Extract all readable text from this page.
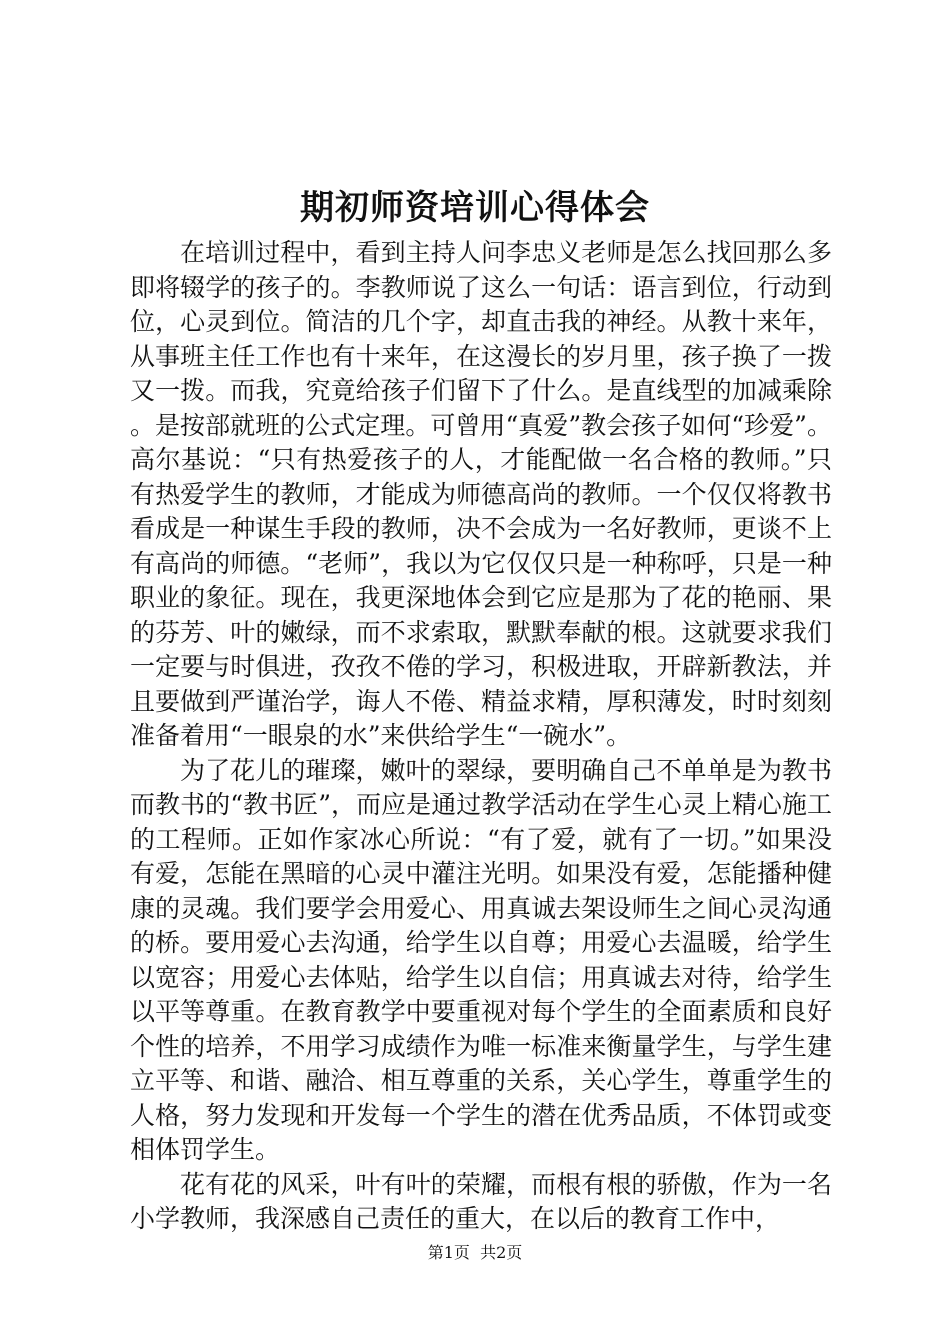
期初师资培训心得体会

在培训过程中，看到主持人问李忠义老师是怎么找回那么多即将辍学的孩子的。李教师说了这么一句话：语言到位，行动到位，心灵到位。简洁的几个字，却直击我的神经。从教十来年，从事班主任工作也有十来年，在这漫长的岁月里，孩子换了一拨又一拨。而我，究竟给孩子们留下了什么。是直线型的加减乘除。是按部就班的公式定理。可曾用“真爱”教会孩子如何“珍爱”。高尔基说：“只有热爱孩子的人，才能配做一名合格的教师。”只有热爱学生的教师，才能成为师德高尚的教师。一个仅仅将教书看成是一种谋生手段的教师，决不会成为一名好教师，更谈不上有高尚的师德。“老师”，我以为它仅仅只是一种称呼，只是一种职业的象征。现在，我更深地体会到它应是那为了花的艳丽、果的芬芳、叶的嫩绿，而不求索取，默默奉献的根。这就要求我们一定要与时俱进，孜孜不倦的学习，积极进取，开辟新教法，并且要做到严谨治学，诲人不倦、精益求精，厚积薄发，时时刻刻准备着用“一眼泉的水”来供给学生“一碗水”。

为了花儿的璀璨，嫩叶的翠绿，要明确自己不单单是为教书而教书的“教书匠”，而应是通过教学活动在学生心灵上精心施工的工程师。正如作家冰心所说：“有了爱，就有了一切。”如果没有爱，怎能在黑暗的心灵中灌注光明。如果没有爱，怎能播种健康的灵魂。我们要学会用爱心、用真诚去架设师生之间心灵沟通的桥。要用爱心去沟通，给学生以自尊；用爱心去温暖，给学生以宽容；用爱心去体贴，给学生以自信；用真诚去对待，给学生以平等尊重。在教育教学中要重视对每个学生的全面素质和良好个性的培养，不用学习成绩作为唯一标准来衡量学生，与学生建立平等、和谐、融洽、相互尊重的关系，关心学生，尊重学生的人格，努力发现和开发每一个学生的潜在优秀品质，不体罚或变相体罚学生。

花有花的风采，叶有叶的荣耀，而根有根的骄傲，作为一名小学教师，我深感自己责任的重大，在以后的教育工作中，

第1页 共2页
